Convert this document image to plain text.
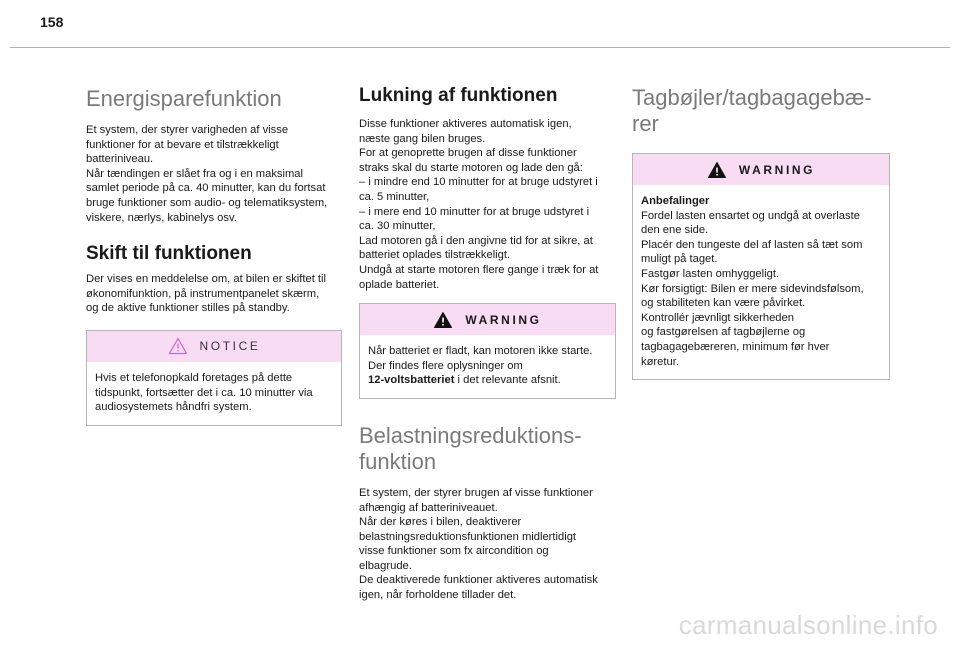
158
Energisparefunktion

Et system, der styrer varigheden af visse
funktioner for at bevare et tilstrækkeligt
batteriniveau.
Når tændingen er slået fra og i en maksimal
samlet periode på ca. 40 minutter, kan du fortsat
bruge funktioner som audio- og telematiksystem,
viskere, nærlys, kabinelys osv.

Skift til funktionen

Der vises en meddelelse om, at bilen er skiftet til
økonomifunktion, på instrumentpanelet skærm,
og de aktive funktioner stilles på standby.

NOTICE

Hvis et telefonopkald foretages på dette
tidspunkt, fortsætter det i ca. 10 minutter via
audiosystemets håndfri system.

Lukning af funktionen

Disse funktioner aktiveres automatisk igen,
næste gang bilen bruges.
For at genoprette brugen af disse funktioner
straks skal du starte motoren og lade den gå:
– i mindre end 10 minutter for at bruge udstyret i
ca. 5 minutter,
– i mere end 10 minutter for at bruge udstyret i
ca. 30 minutter,
Lad motoren gå i den angivne tid for at sikre, at
batteriet oplades tilstrækkeligt.
Undgå at starte motoren flere gange i træk for at
oplade batteriet.

WARNING

Når batteriet er fladt, kan motoren ikke starte.
Der findes flere oplysninger om
12-voltsbatteriet i det relevante afsnit.

Belastningsreduktions-
funktion

Et system, der styrer brugen af visse funktioner
afhængig af batteriniveauet.
Når der køres i bilen, deaktiverer
belastningsreduktionsfunktionen midlertidigt
visse funktioner som fx aircondition og
elbagrude.
De deaktiverede funktioner aktiveres automatisk
igen, når forholdene tillader det.

Tagbøjler/tagbagagebæ-
rer
WARNING

Anbefalinger

Fordel lasten ensartet og undgå at overlaste
den ene side.
Placér den tungeste del af lasten så tæt som
muligt på taget.
Fastgør lasten omhyggeligt.
Kør forsigtigt: Bilen er mere sidevindsfølsom,
og stabiliteten kan være påvirket.
Kontrollér jævnligt sikkerheden
og fastgørelsen af tagbøjlerne og
tagbagagebæreren, minimum før hver
køretur.

carmanualsonline.info
